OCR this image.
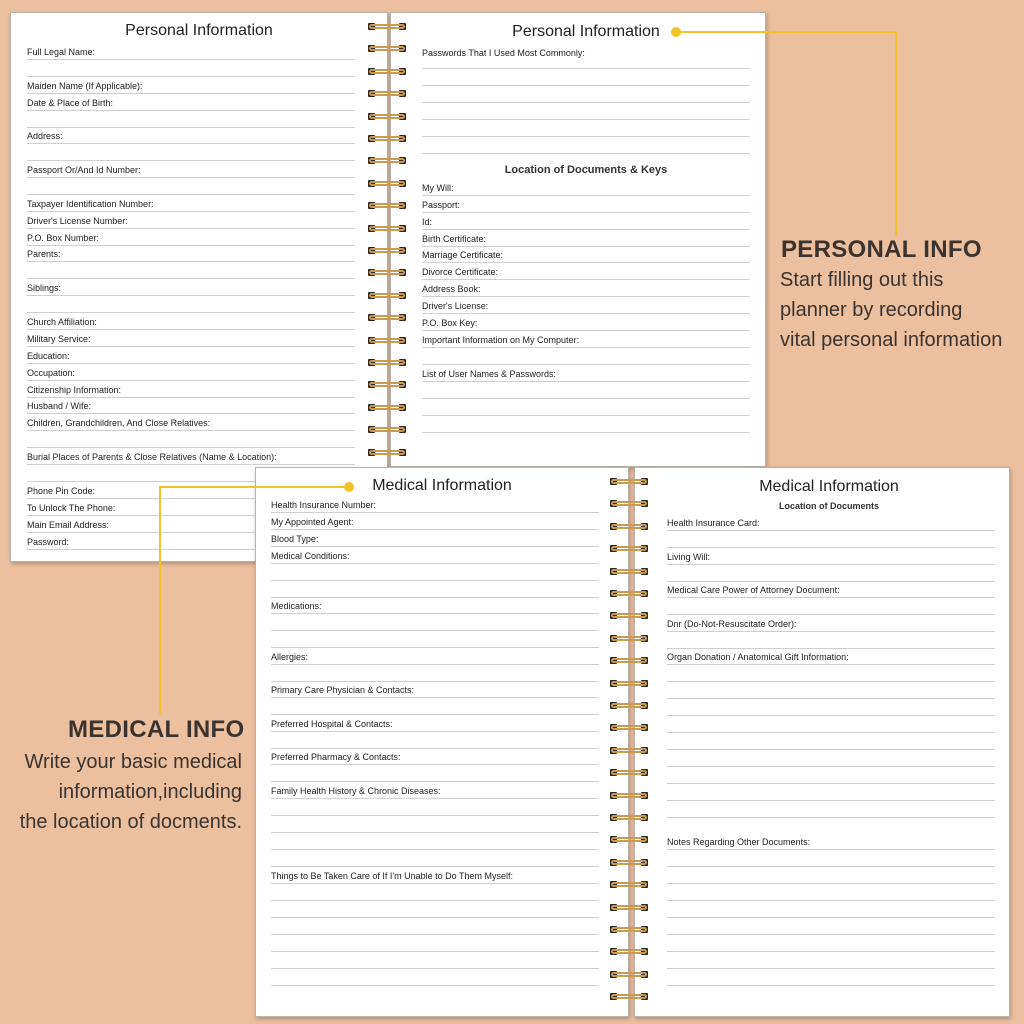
Personal Information
Full Legal Name:
Maiden Name (If Applicable):
Date & Place of Birth:
Address:
Passport Or/And Id Number:
Taxpayer Identification Number:
Driver's License Number:
P.O. Box Number:
Parents:
Siblings:
Church Affiliation:
Military Service:
Education:
Occupation:
Citizenship Information:
Husband / Wife:
Children, Grandchildren, And Close Relatives:
Burial Places of Parents & Close Relatives (Name & Location):
Phone Pin Code:
To Unlock The Phone:
Main Email Address:
Password:
Personal Information
Passwords That I Used Most Commonly:
Location of Documents & Keys
My Will:
Passport:
Id:
Birth Certificate:
Marriage Certificate:
Divorce Certificate:
Address Book:
Driver's License:
P.O. Box Key:
Important Information on My Computer:
List of User Names & Passwords:
Medical Information
Health Insurance Number:
My Appointed Agent:
Blood Type:
Medical Conditions:
Medications:
Allergies:
Primary Care Physician & Contacts:
Preferred Hospital & Contacts:
Preferred Pharmacy & Contacts:
Family Health History & Chronic Diseases:
Things to Be Taken Care of If I'm Unable to Do Them Myself:
Medical Information
Location of Documents
Health Insurance Card:
Living Will:
Medical Care Power of Attorney Document:
Dnr (Do-Not-Resuscitate Order):
Organ Donation / Anatomical Gift Information:
Notes Regarding Other Documents:
PERSONAL INFO
Start filling out this
planner by recording
vital personal information
MEDICAL INFO
Write your basic medical
information,including
the location of docments.
